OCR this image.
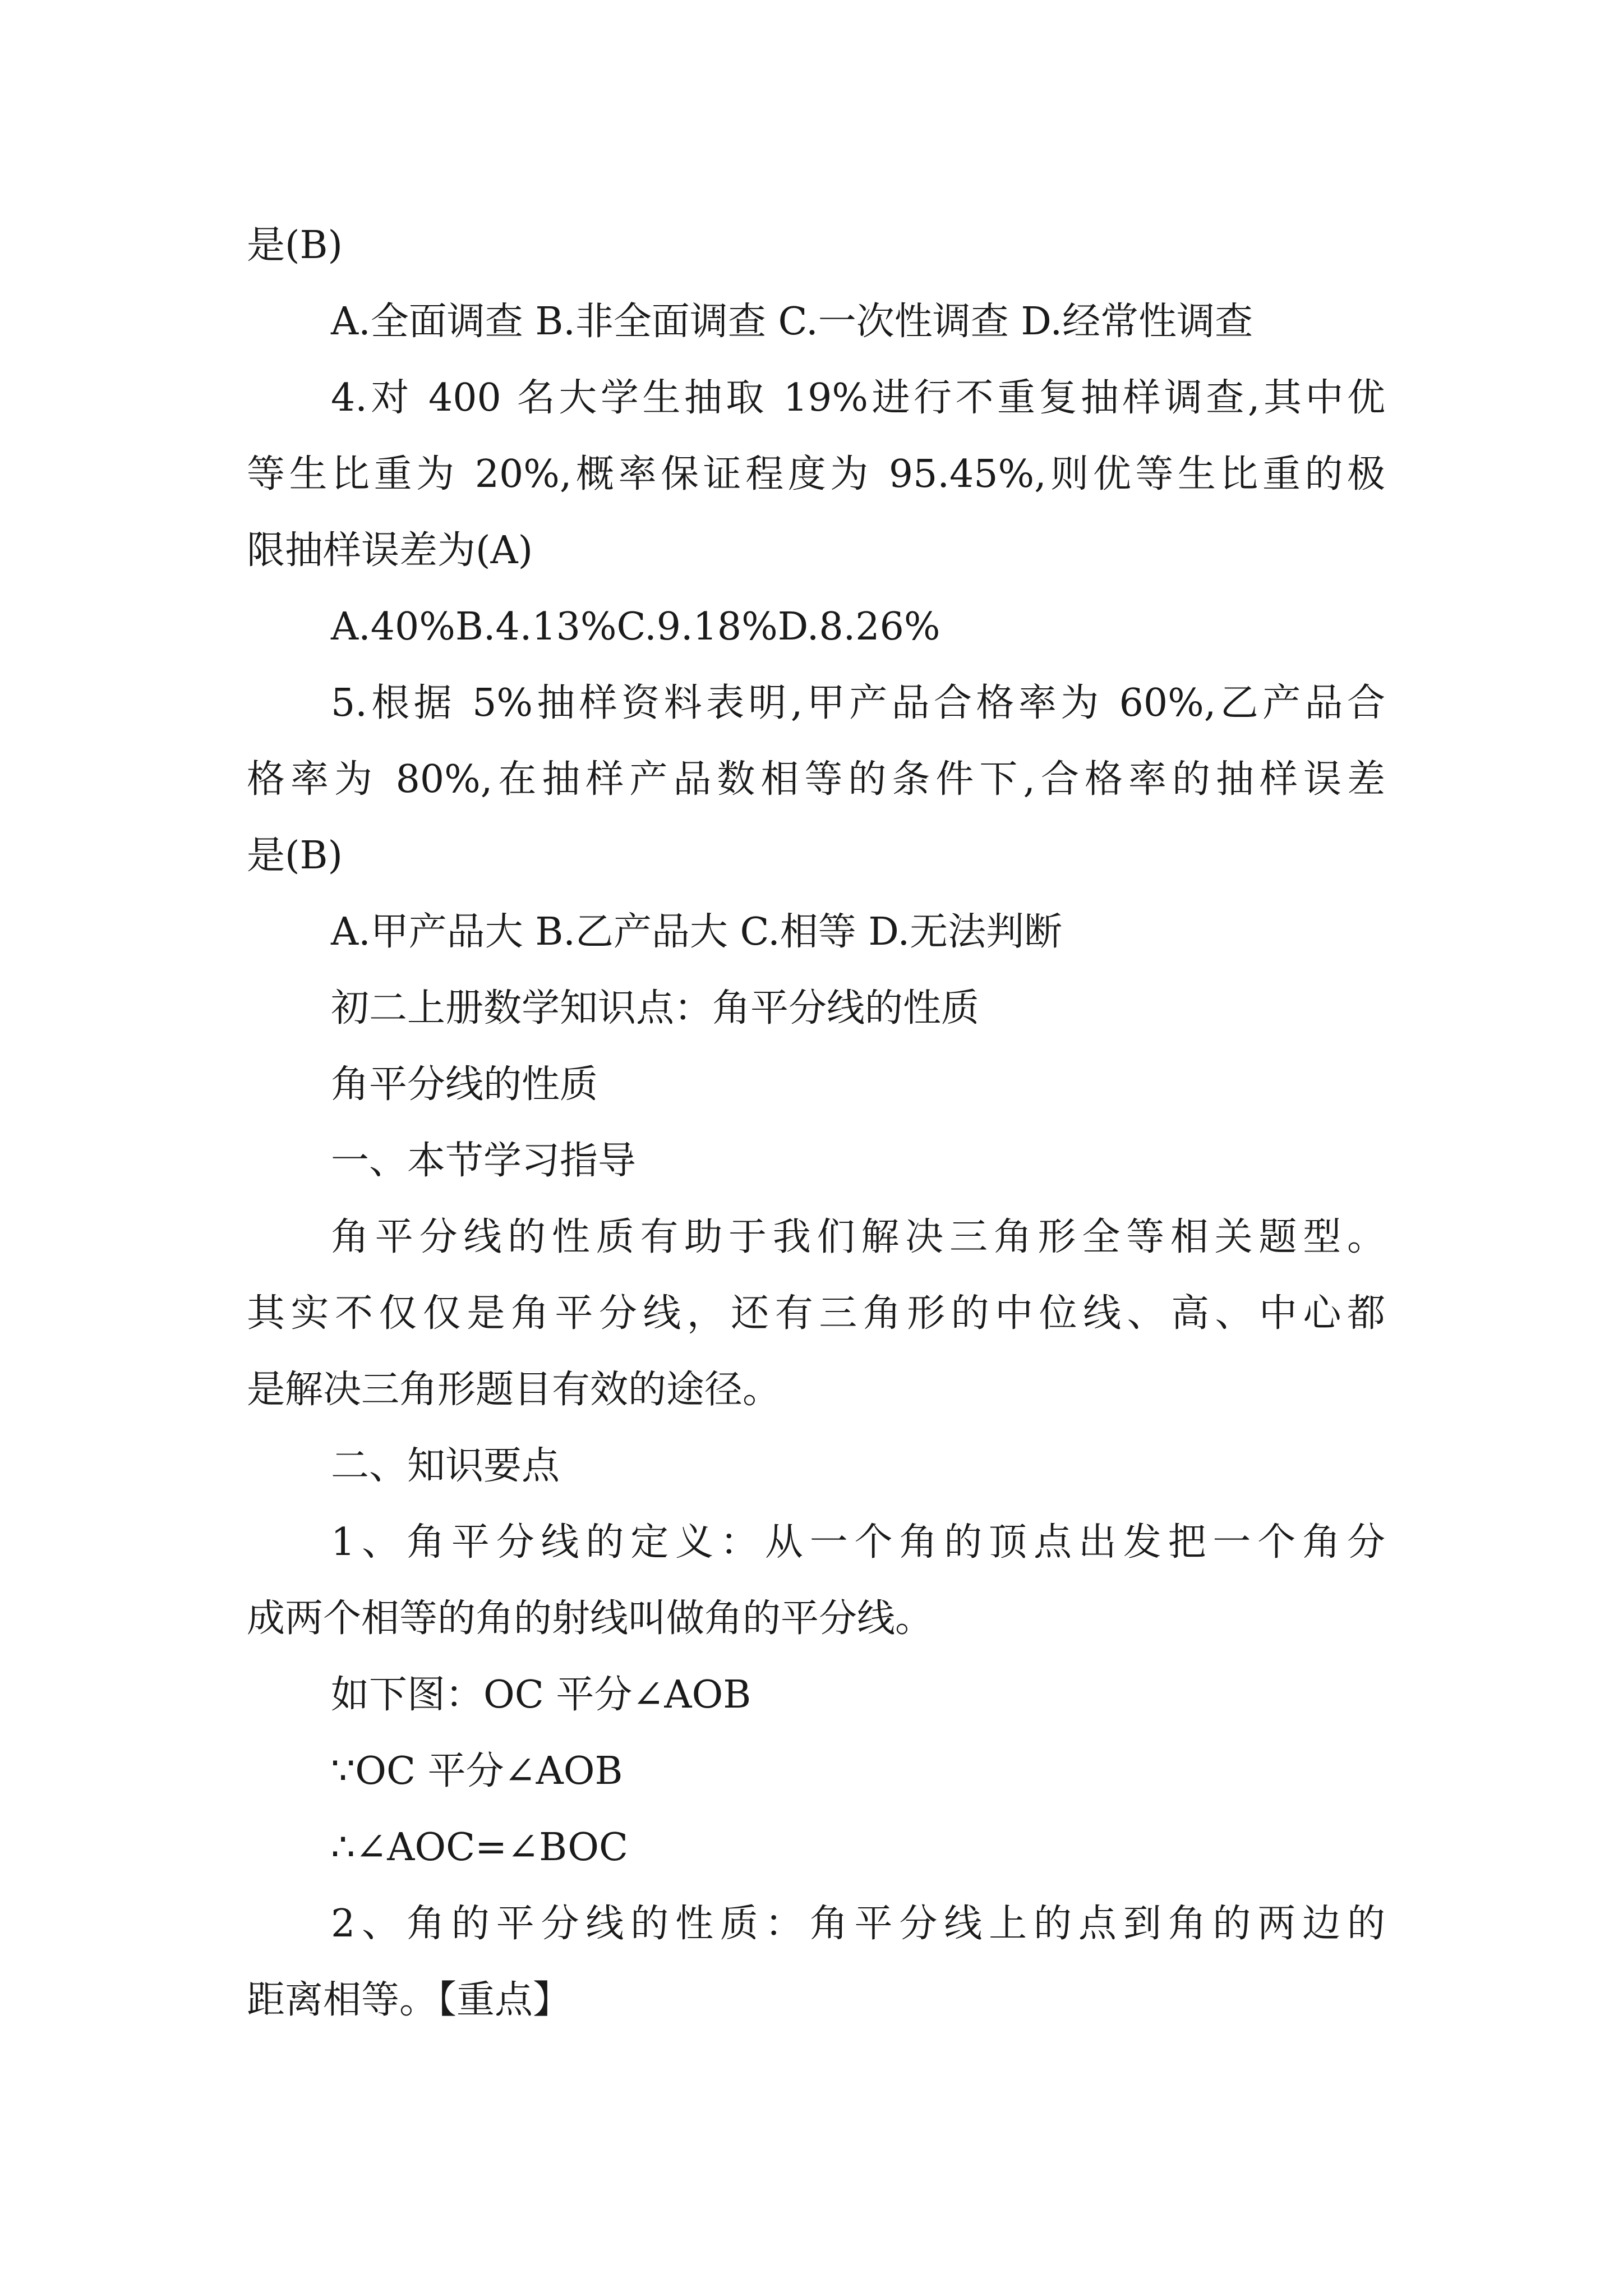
是(B)
A.全面调查 B.非全面调查 C.一次性调查 D.经常性调查
4.对 400 名大学生抽取 19%进行不重复抽样调查,其中优
等生比重为 20%,概率保证程度为 95.45%,则优等生比重的极
限抽样误差为(A)
A.40%B.4.13%C.9.18%D.8.26%
5.根据 5%抽样资料表明,甲产品合格率为 60%,乙产品合
格率为 80%,在抽样产品数相等的条件下,合格率的抽样误差
是(B)
A.甲产品大 B.乙产品大 C.相等 D.无法判断
初二上册数学知识点：角平分线的性质
角平分线的性质
一、本节学习指导
角平分线的性质有助于我们解决三角形全等相关题型。
其实不仅仅是角平分线，还有三角形的中位线、高、中心都
是解决三角形题目有效的途径。
二、知识要点
1、角平分线的定义：从一个角的顶点出发把一个角分
成两个相等的角的射线叫做角的平分线。
如下图：OC 平分∠AOB
∵OC 平分∠AOB
∴∠AOC=∠BOC
2、角的平分线的性质：角平分线上的点到角的两边的
距离相等。【重点】
